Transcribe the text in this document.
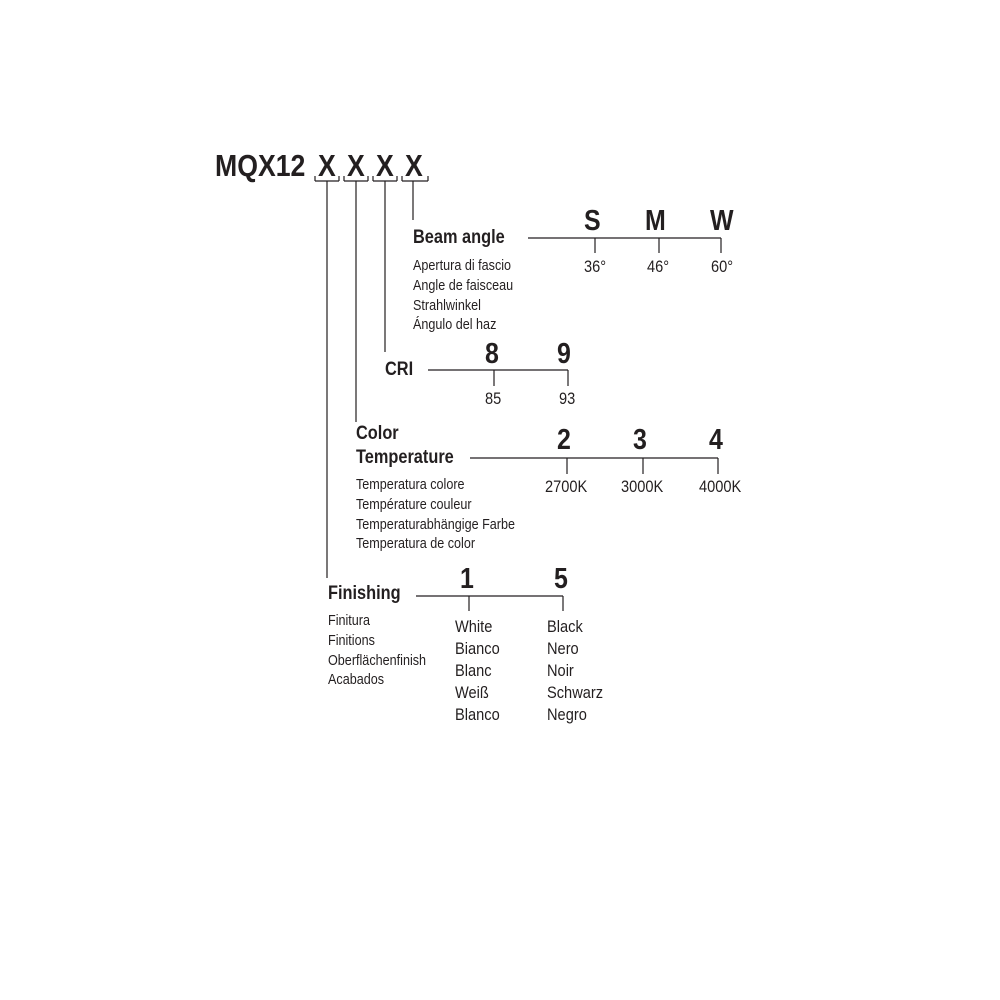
MQX12 X X X X
Beam angle
Apertura di fascio
Angle de faisceau
Strahlwinkel
Ángulo del haz
S M W
36° 46° 60°
CRI 8 9
85	93
Color
Temperature
Temperatura colore
Température couleur
Temperaturabhängige Farbe
Temperatura de color
2 3 4
2700K 3000K 4000K
Finishing
Finitura
Finitions
Oberflächenfinish
Acabados
1	5
White
Bianco
Blanc
Weiß
Blanco
Black
Nero
Noir
Schwarz
Negro
